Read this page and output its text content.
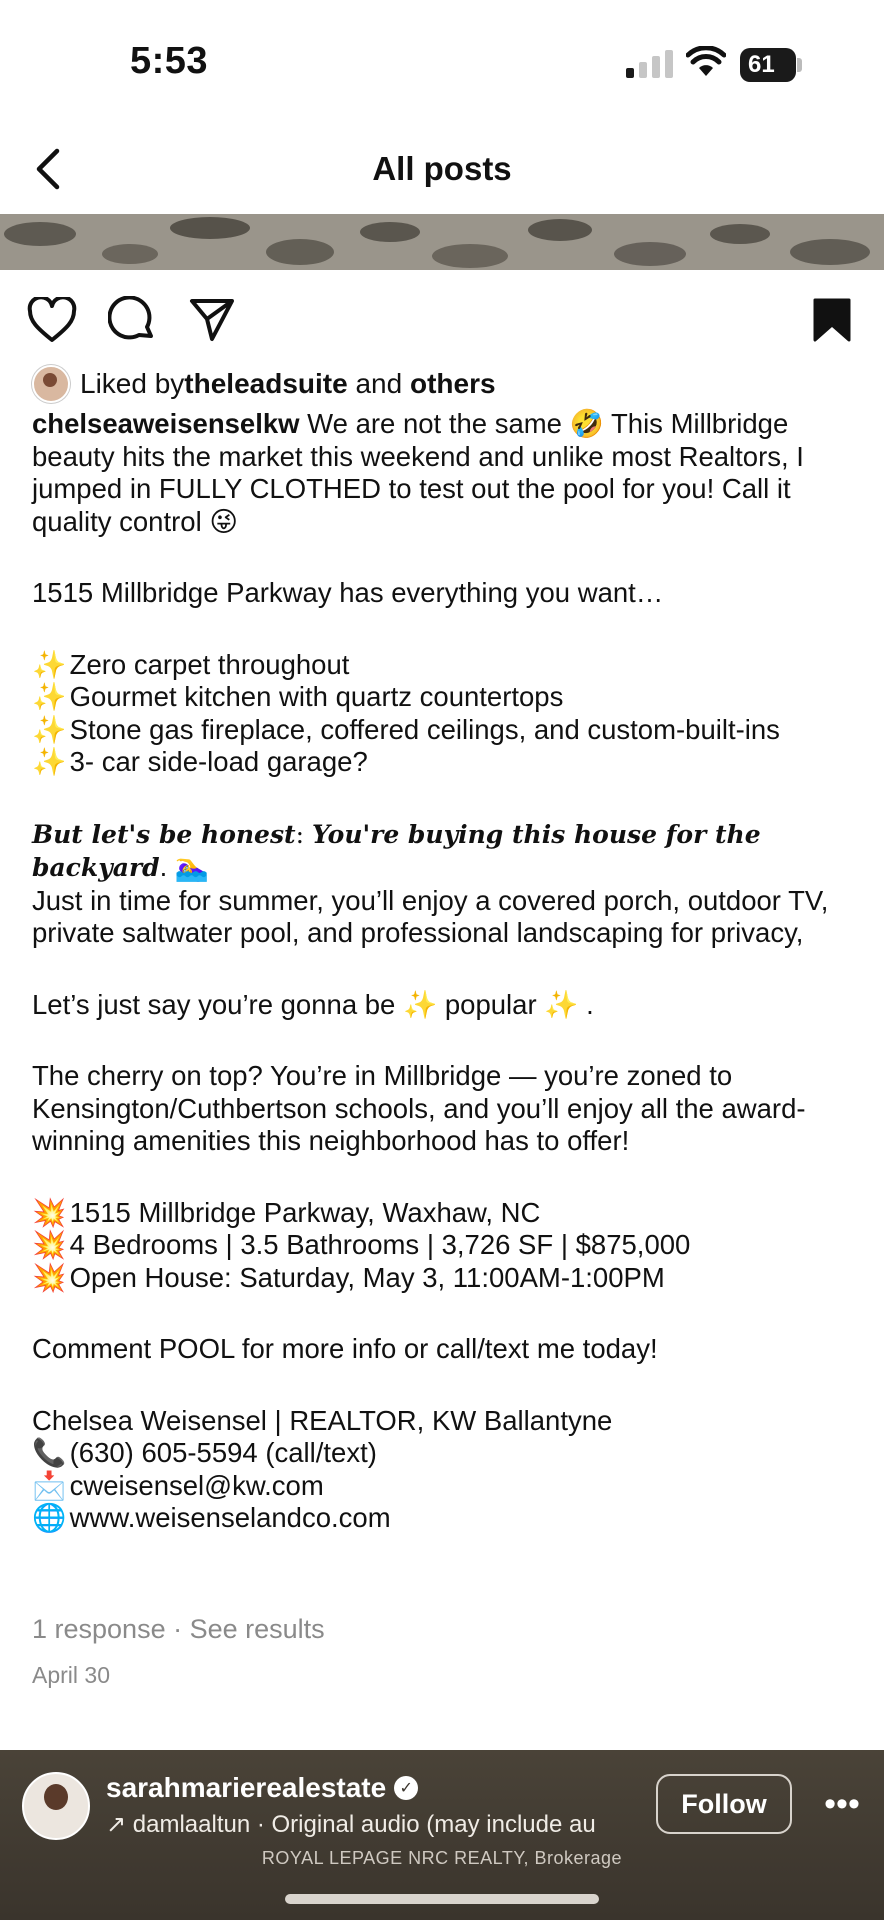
5:53	61
All posts
Liked by theleadsuite and others

chelseaweisenselkw We are not the same 🤣 This Millbridge beauty hits the market this weekend and unlike most Realtors, I jumped in FULLY CLOTHED to test out the pool for you! Call it quality control 😜

1515 Millbridge Parkway has everything you want…

✨ Zero carpet throughout

✨ Gourmet kitchen with quartz countertops

✨ Stone gas fireplace, coffered ceilings, and custom-built-ins

✨ 3- car side-load garage?

But let's be honest: You're buying this house for the backyard. 🏊‍♀️

Just in time for summer, you’ll enjoy a covered porch, outdoor TV, private saltwater pool, and professional landscaping for privacy,

Let’s just say you’re gonna be ✨ popular ✨ .

The cherry on top? You’re in Millbridge — you’re zoned to Kensington/Cuthbertson schools, and you’ll enjoy all the award-winning amenities this neighborhood has to offer!

💥 1515 Millbridge Parkway, Waxhaw, NC

💥 4 Bedrooms | 3.5 Bathrooms | 3,726 SF | $875,000

💥 Open House: Saturday, May 3, 11:00AM-1:00PM

Comment POOL for more info or call/text me today!

Chelsea Weisensel | REALTOR, KW Ballantyne

📞 (630) 605-5594 (call/text)

📩 cweisensel@kw.com

🌐 www.weisenselandco.com

1 response · See results
April 30
sarahmarierealestate ✓
↗ damlaaltun · Original audio (may include au
Follow	•••
ROYAL LEPAGE NRC REALTY, Brokerage
